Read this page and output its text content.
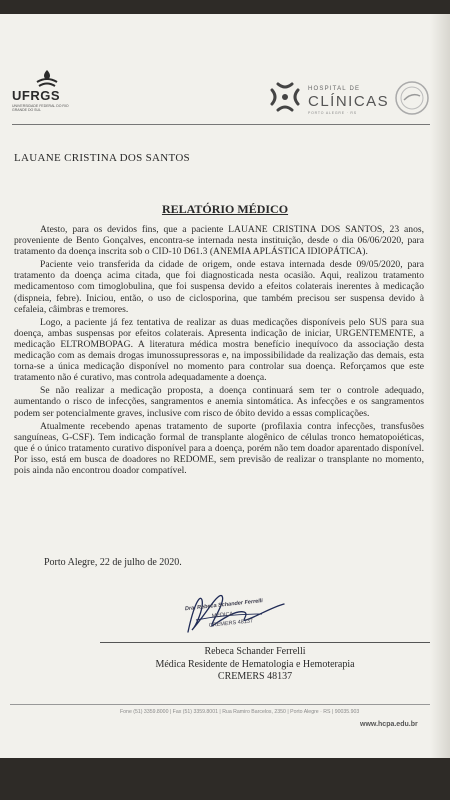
UFRGS
UNIVERSIDADE FEDERAL DO RIO GRANDE DO SUL
HOSPITAL DE
CLÍNICAS
PORTO ALEGRE · RS
LAUANE CRISTINA DOS SANTOS
RELATÓRIO MÉDICO

Atesto, para os devidos fins, que a paciente LAUANE CRISTINA DOS SANTOS, 23 anos, proveniente de Bento Gonçalves, encontra-se internada nesta instituição, desde o dia 06/06/2020, para tratamento da doença inscrita sob o CID-10 D61.3 (ANEMIA APLÁSTICA IDIOPÁTICA).

Paciente veio transferida da cidade de origem, onde estava internada desde 09/05/2020, para tratamento da doença acima citada, que foi diagnosticada nesta ocasião. Aqui, realizou tratamento medicamentoso com timoglobulina, que foi suspensa devido a efeitos colaterais inerentes à medicação (dispneia, febre). Iniciou, então, o uso de ciclosporina, que também precisou ser suspensa devido à cefaleia, câimbras e tremores.

Logo, a paciente já fez tentativa de realizar as duas medicações disponíveis pelo SUS para sua doença, ambas suspensas por efeitos colaterais. Apresenta indicação de iniciar, URGENTEMENTE, a medicação ELTROMBOPAG. A literatura médica mostra benefício inequívoco da associação desta medicação com as demais drogas imunossupressoras e, na impossibilidade da realização das demais, esta torna-se a única medicação disponível no momento para controlar sua doença. Reforçamos que este tratamento não é curativo, mas controla adequadamente a doença.

Se não realizar a medicação proposta, a doença continuará sem ter o controle adequado, aumentando o risco de infecções, sangramentos e anemia sintomática. As infecções e os sangramentos podem ser potencialmente graves, inclusive com risco de óbito devido a essas complicações.

Atualmente recebendo apenas tratamento de suporte (profilaxia contra infecções, transfusões sanguíneas, G-CSF). Tem indicação formal de transplante alogênico de células tronco hematopoiéticas, que é o único tratamento curativo disponível para a doença, porém não tem doador aparentado disponível. Por isso, está em busca de doadores no REDOME, sem previsão de realizar o transplante no momento, pois ainda não encontrou doador compatível.

Porto Alegre, 22 de julho de 2020.
Dra. Rebeca Schander Ferrelli
MÉDICA
CREMERS 48137
Rebeca Schander Ferrelli
Médica Residente de Hematologia e Hemoterapia
CREMERS 48137
Fone (51) 3359.8000 | Fax (51) 3359.8001 | Rua Ramiro Barcelos, 2350 | Porto Alegre · RS | 90035.903
www.hcpa.edu.br
